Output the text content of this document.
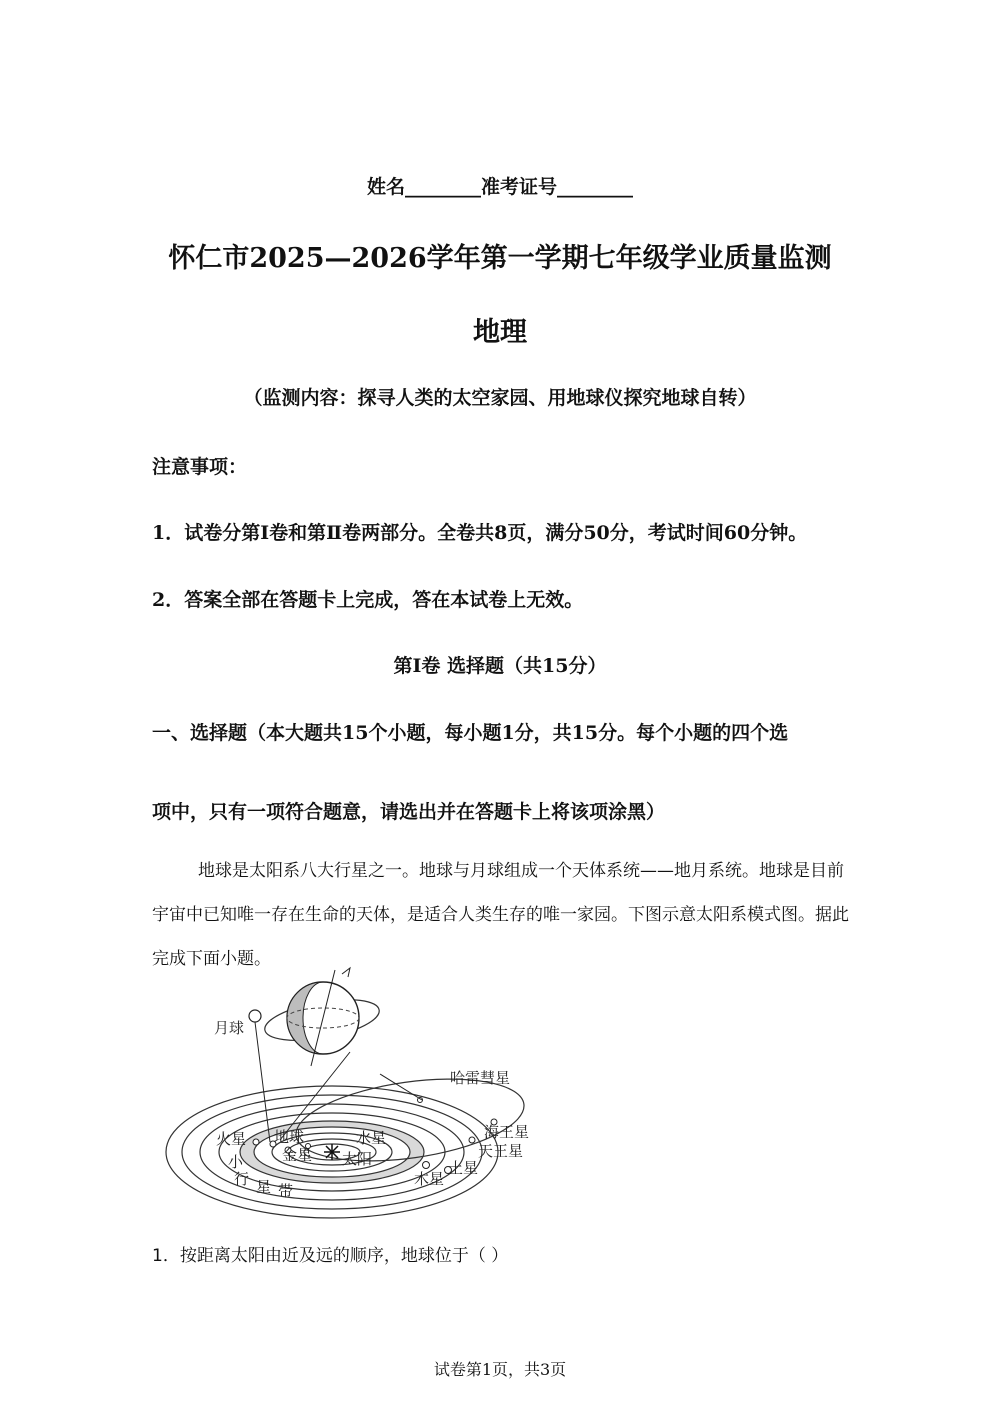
姓名________准考证号________
怀仁市2025—2026学年第一学期七年级学业质量监测
地理
（监测内容：探寻人类的太空家园、用地球仪探究地球自转）
注意事项：
1．试卷分第Ⅰ卷和第Ⅱ卷两部分。全卷共8页，满分50分，考试时间60分钟。
2．答案全部在答题卡上完成，答在本试卷上无效。
第Ⅰ卷 选择题（共15分）
一、选择题（本大题共15个小题，每小题1分，共15分。每个小题的四个选
项中，只有一项符合题意，请选出并在答题卡上将该项涂黑）
地球是太阳系八大行星之一。地球与月球组成一个天体系统——地月系统。地球是目前宇宙中已知唯一存在生命的天体，是适合人类生存的唯一家园。下图示意太阳系模式图。据此完成下面小题。
月球
哈雷彗星
海王星
天王星
土星
木星
火星 地球	水星
金星 太阳
小
行 星 带
1．按距离太阳由近及远的顺序，地球位于（ ）
试卷第1页，共3页
